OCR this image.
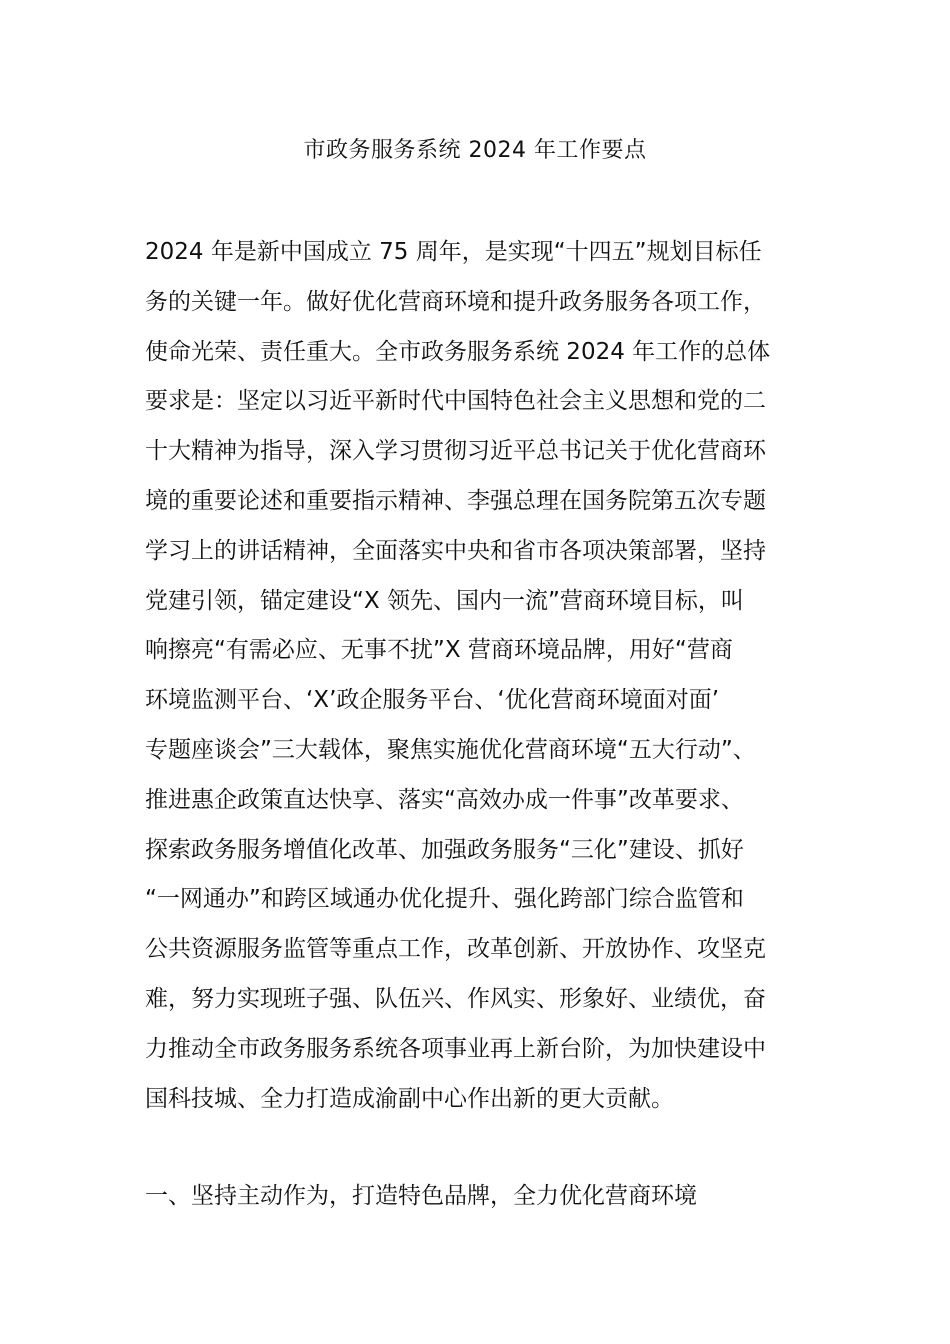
市政务服务系统 2024 年工作要点

2024 年是新中国成立 75 周年，是实现“十四五”规划目标任
务的关键一年。做好优化营商环境和提升政务服务各项工作，
使命光荣、责任重大。全市政务服务系统 2024 年工作的总体
要求是：坚定以习近平新时代中国特色社会主义思想和党的二
十大精神为指导，深入学习贯彻习近平总书记关于优化营商环
境的重要论述和重要指示精神、李强总理在国务院第五次专题
学习上的讲话精神，全面落实中央和省市各项决策部署，坚持
党建引领，锚定建设“X 领先、国内一流”营商环境目标，叫
响擦亮“有需必应、无事不扰”X 营商环境品牌，用好“营商
环境监测平台、‘X’政企服务平台、‘优化营商环境面对面’
专题座谈会”三大载体，聚焦实施优化营商环境“五大行动”、
推进惠企政策直达快享、落实“高效办成一件事”改革要求、
探索政务服务增值化改革、加强政务服务“三化”建设、抓好
“一网通办”和跨区域通办优化提升、强化跨部门综合监管和
公共资源服务监管等重点工作，改革创新、开放协作、攻坚克
难，努力实现班子强、队伍兴、作风实、形象好、业绩优，奋
力推动全市政务服务系统各项事业再上新台阶，为加快建设中
国科技城、全力打造成渝副中心作出新的更大贡献。

一、坚持主动作为，打造特色品牌，全力优化营商环境
